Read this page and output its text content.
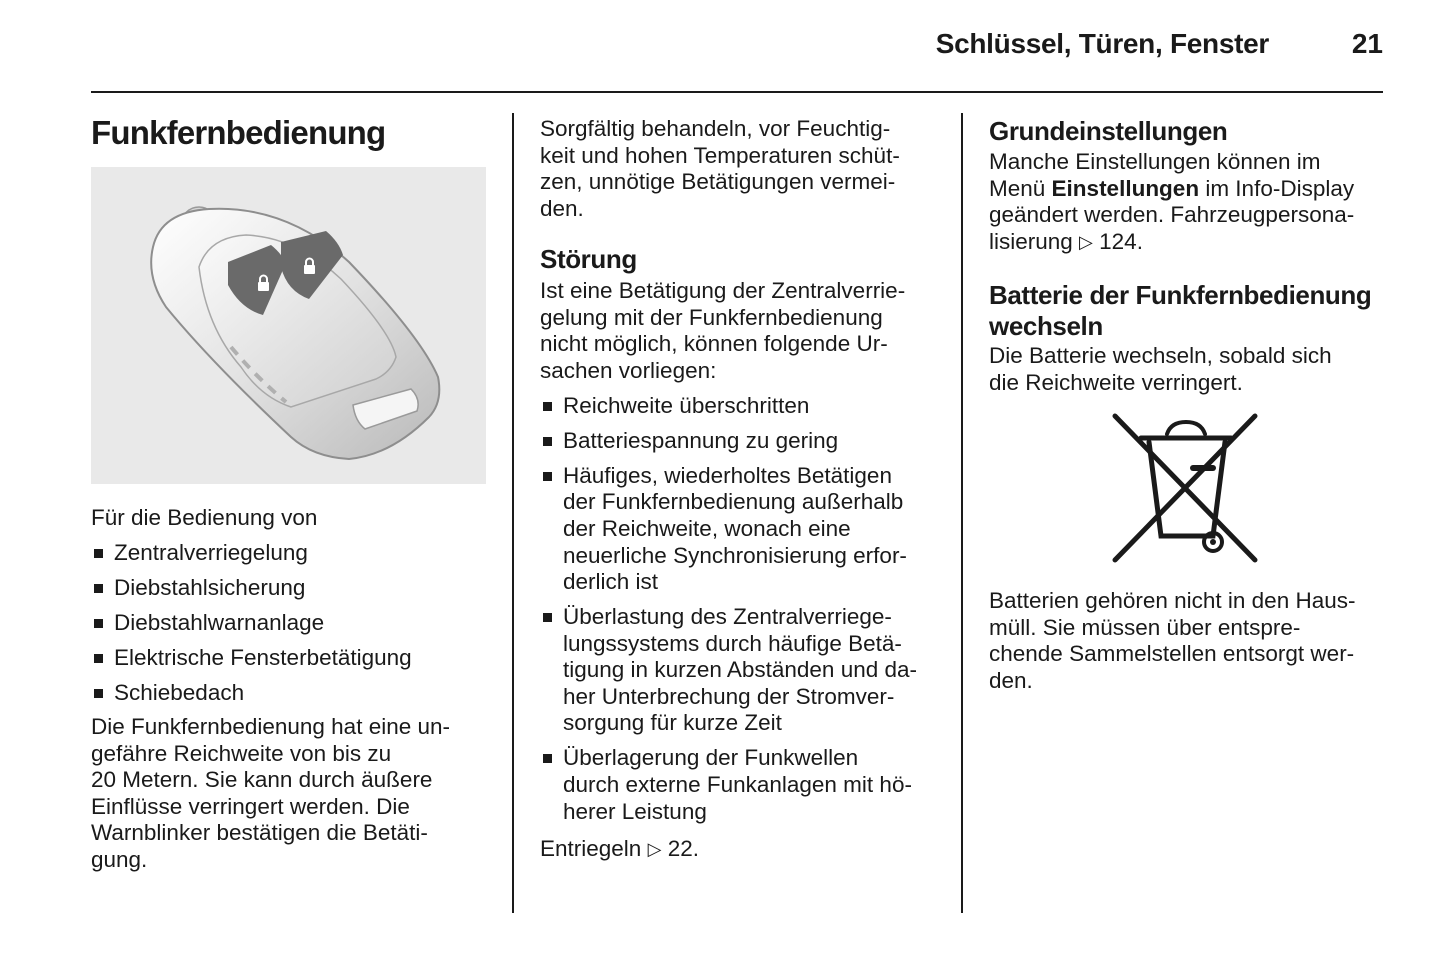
Schlüssel, Türen, Fenster	21
Funkfernbedienung

Für die Bedienung von

Zentralverriegelung
Diebstahlsicherung
Diebstahlwarnanlage
Elektrische Fensterbetätigung
Schiebedach

Die Funkfernbedienung hat eine un-
gefähre Reichweite von bis zu
20 Metern. Sie kann durch äußere
Einflüsse verringert werden. Die
Warnblinker bestätigen die Betäti-
gung.

Sorgfältig behandeln, vor Feuchtig-
keit und hohen Temperaturen schüt-
zen, unnötige Betätigungen vermei-
den.

Störung

Ist eine Betätigung der Zentralverrie-
gelung mit der Funkfernbedienung
nicht möglich, können folgende Ur-
sachen vorliegen:

Reichweite überschritten
Batteriespannung zu gering
Häufiges, wiederholtes Betätigen
der Funkfernbedienung außerhalb
der Reichweite, wonach eine
neuerliche Synchronisierung erfor-
derlich ist
Überlastung des Zentralverriege-
lungssystems durch häufige Betä-
tigung in kurzen Abständen und da-
her Unterbrechung der Stromver-
sorgung für kurze Zeit
Überlagerung der Funkwellen
durch externe Funkanlagen mit hö-
herer Leistung

Entriegeln ▷ 22.

Grundeinstellungen

Manche Einstellungen können im
Menü Einstellungen im Info-Display
geändert werden. Fahrzeugpersona-
lisierung ▷ 124.

Batterie der Funkfernbedienung
wechseln

Die Batterie wechseln, sobald sich
die Reichweite verringert.

Batterien gehören nicht in den Haus-
müll. Sie müssen über entspre-
chende Sammelstellen entsorgt wer-
den.
